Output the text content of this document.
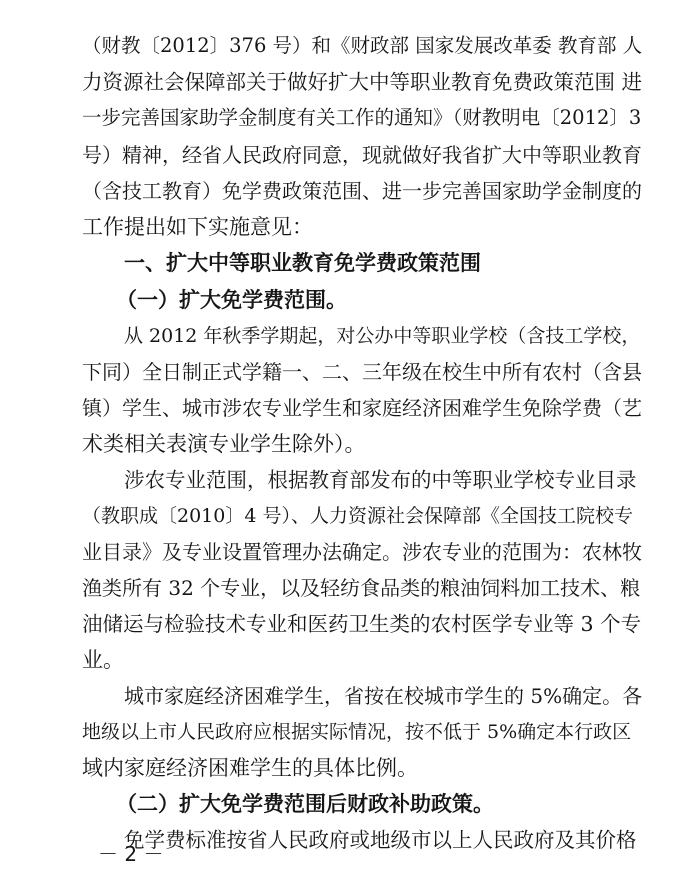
（财教〔2012〕376 号）和《财政部 国家发展改革委 教育部 人
力资源社会保障部关于做好扩大中等职业教育免费政策范围 进
一步完善国家助学金制度有关工作的通知》（财教明电〔2012〕3
号）精神，经省人民政府同意，现就做好我省扩大中等职业教育
（含技工教育）免学费政策范围、进一步完善国家助学金制度的
工作提出如下实施意见：
一、扩大中等职业教育免学费政策范围
（一）扩大免学费范围。
从 2012 年秋季学期起，对公办中等职业学校（含技工学校，
下同）全日制正式学籍一、二、三年级在校生中所有农村（含县
镇）学生、城市涉农专业学生和家庭经济困难学生免除学费（艺
术类相关表演专业学生除外）。
涉农专业范围，根据教育部发布的中等职业学校专业目录
（教职成〔2010〕4 号）、人力资源社会保障部《全国技工院校专
业目录》及专业设置管理办法确定。涉农专业的范围为：农林牧
渔类所有 32 个专业，以及轻纺食品类的粮油饲料加工技术、粮
油储运与检验技术专业和医药卫生类的农村医学专业等 3 个专
业。
城市家庭经济困难学生，省按在校城市学生的 5%确定。各
地级以上市人民政府应根据实际情况，按不低于 5%确定本行政区
域内家庭经济困难学生的具体比例。
（二）扩大免学费范围后财政补助政策。
免学费标准按省人民政府或地级市以上人民政府及其价格
－ 2 －
